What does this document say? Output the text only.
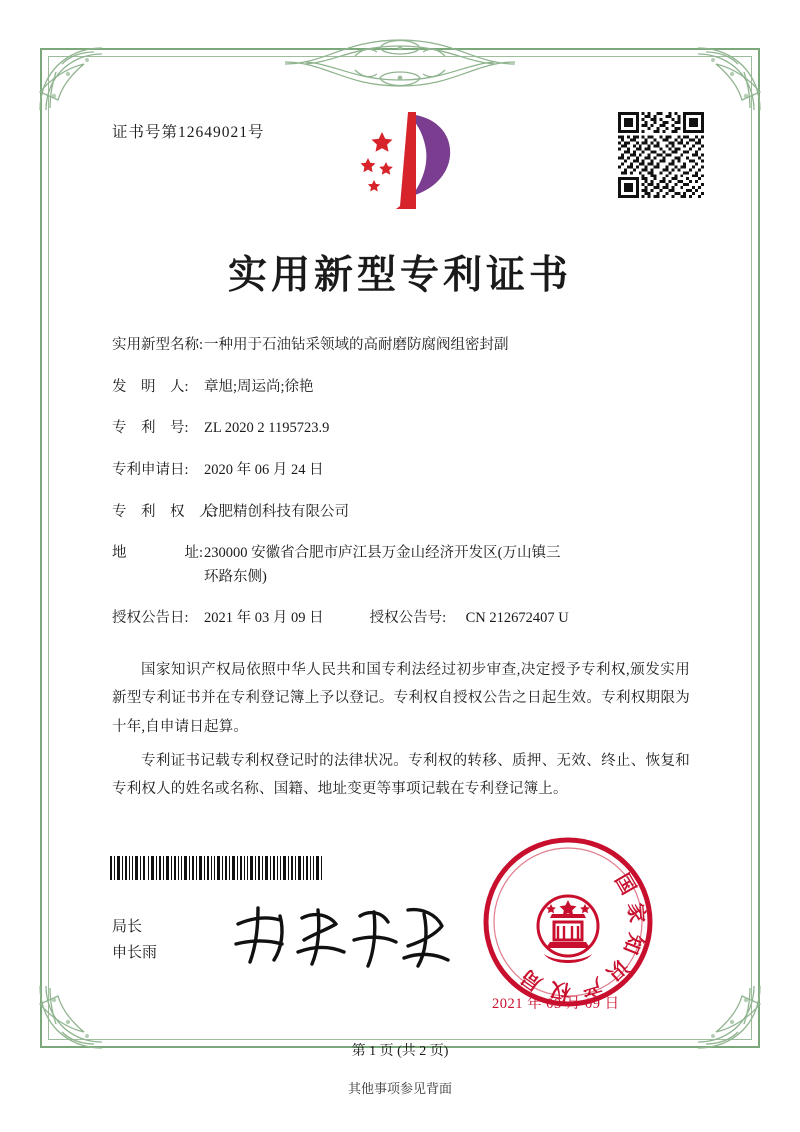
证书号第12649021号
实用新型专利证书
实用新型名称: 一种用于石油钻采领域的高耐磨防腐阀组密封副
发　明　人:	章旭;周运尚;徐艳
专　利　号:	ZL 2020 2 1195723.9
专利申请日:	2020 年 06 月 24 日
专　利　权　人:
合肥精创科技有限公司
地　　　　址: 230000 安徽省合肥市庐江县万金山经济开发区(万山镇三
环路东侧)
授权公告日:	2021 年 03 月 09 日	授权公告号:	CN 212672407 U

国家知识产权局依照中华人民共和国专利法经过初步审查,决定授予专利权,颁发实用新型专利证书并在专利登记簿上予以登记。专利权自授权公告之日起生效。专利权期限为十年,自申请日起算。

专利证书记载专利权登记时的法律状况。专利权的转移、质押、无效、终止、恢复和专利权人的姓名或名称、国籍、地址变更等事项记载在专利登记簿上。

局长
申长雨
国家知识产权局
2021 年 03 月 09 日
第 1 页 (共 2 页)
其他事项参见背面
